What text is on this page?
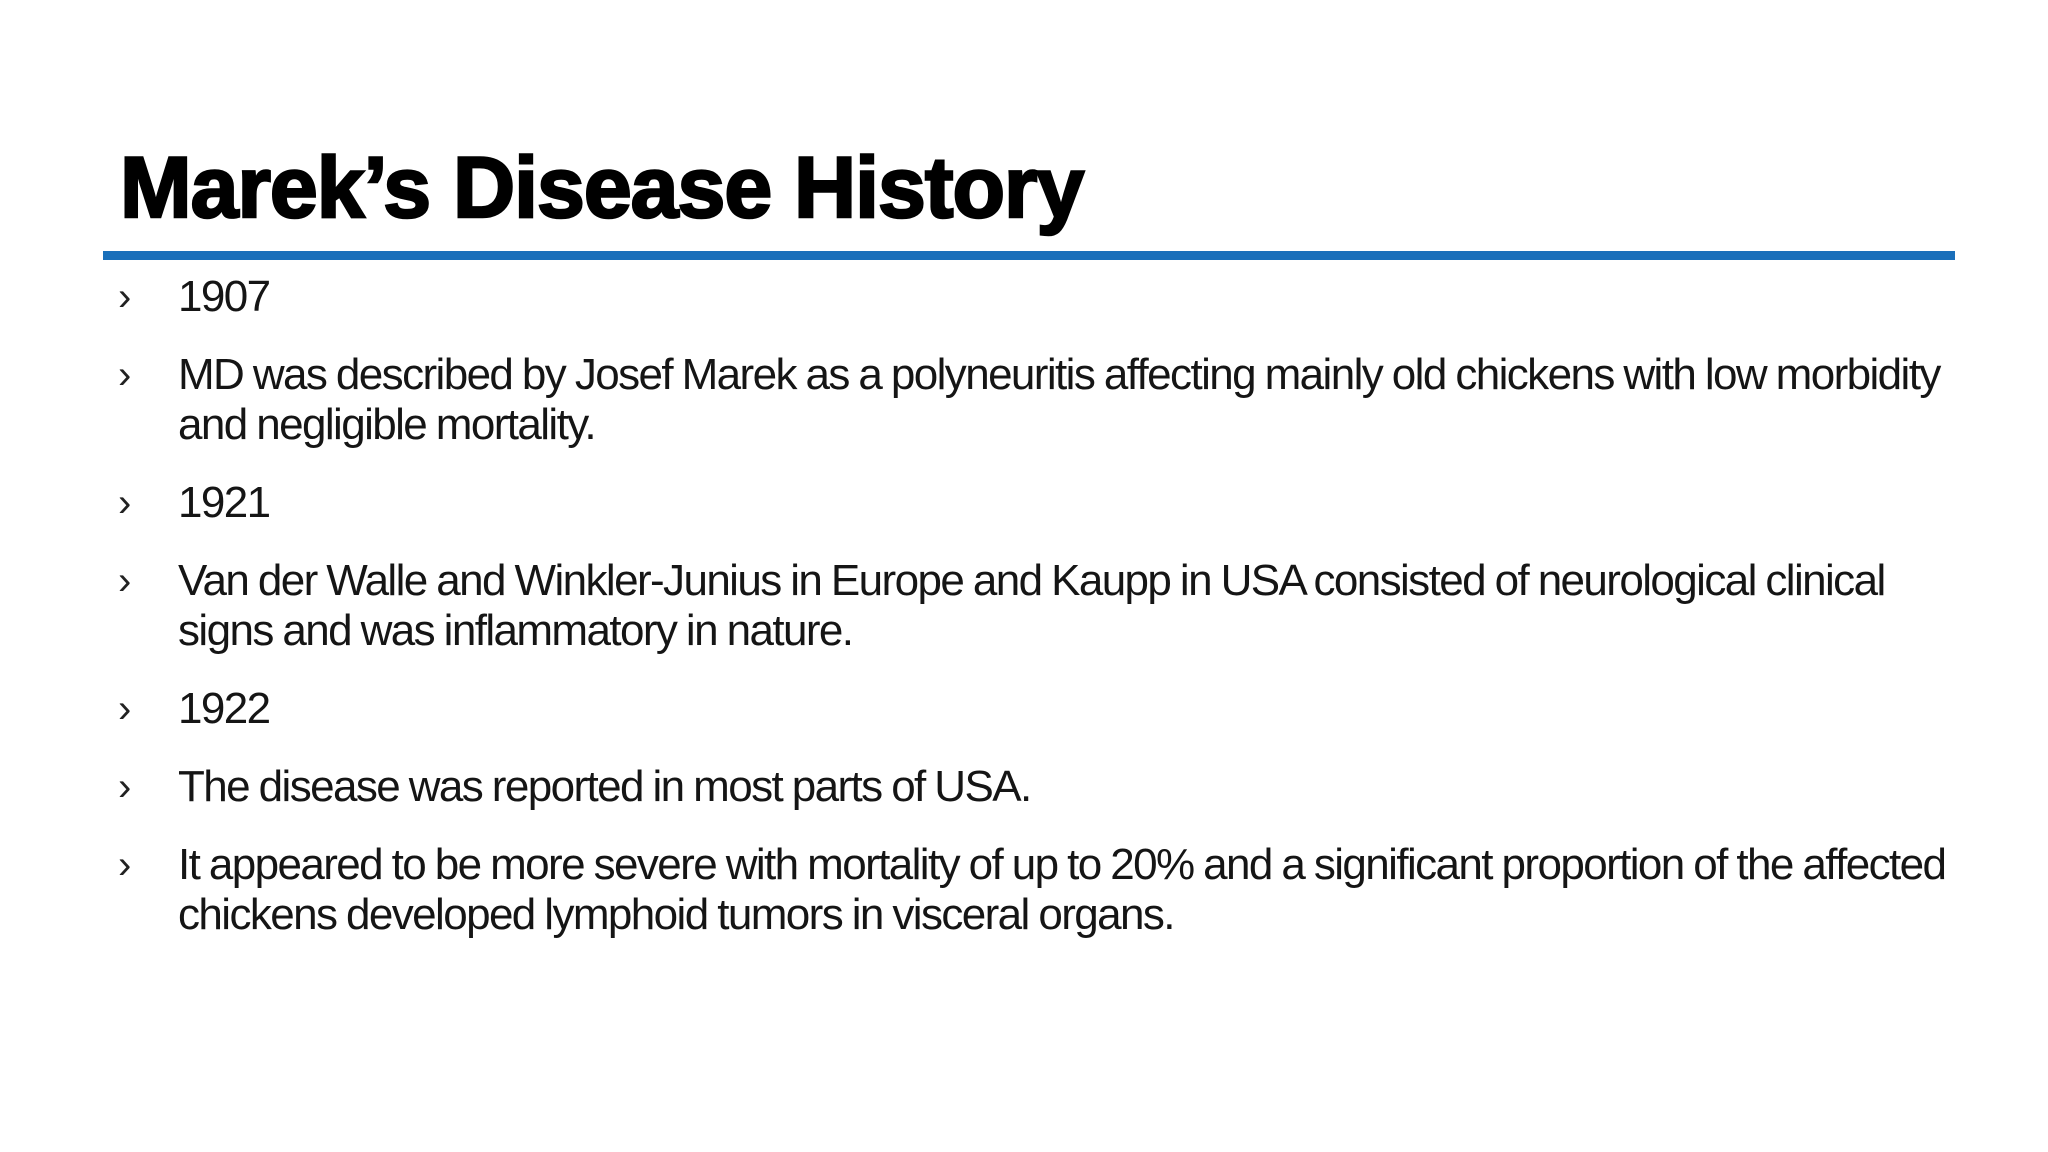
Marek’s Disease History
›	1907
›	MD was described by Josef Marek as a polyneuritis affecting mainly old chickens with low morbidity and negligible mortality.
›	1921
›	Van der Walle and Winkler-Junius in Europe and Kaupp in USA consisted of neurological clinical signs and was inflammatory in nature.
›	1922
›	The disease was reported in most parts of USA.
›	It appeared to be more severe with mortality of up to 20% and a significant proportion of the affected chickens developed lymphoid tumors in visceral organs.
